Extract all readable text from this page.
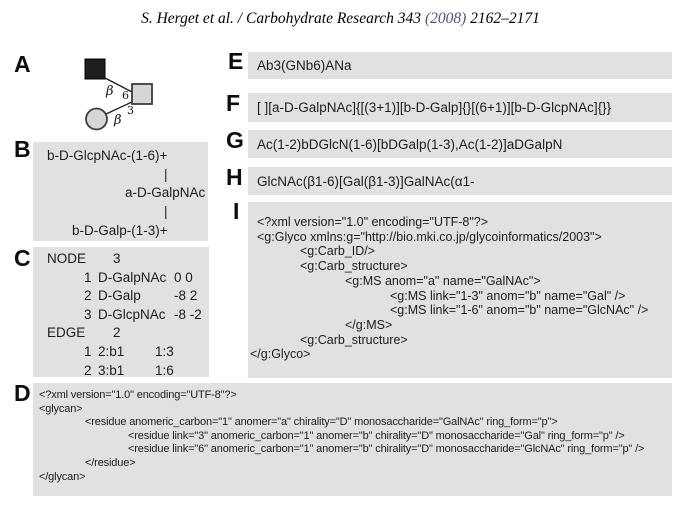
S. Herget et al. / Carbohydrate Research 343 (2008) 2162–2171
A
B
C
D
E
F
G
H
I
β 6
3
β
b-D-GlcpNAc-(1-6)+
|
a-D-GalpNAc
|
b-D-Galp-(1-3)+
NODE 3
1 D-GalpNAc 0 0
2 D-Galp -8 2
3 D-GlcpNAc -8 -2
EDGE 2
1 2:b1 1:3
2 3:b1 1:6
<?xml version="1.0" encoding="UTF-8"?>
<glycan>
<residue anomeric_carbon="1" anomer="a" chirality="D" monosaccharide="GalNAc" ring_form="p">
<residue link="3" anomeric_carbon="1" anomer="b" chirality="D" monosaccharide="Gal" ring_form="p" />
<residue link="6" anomeric_carbon="1" anomer="b" chirality="D" monosaccharide="GlcNAc" ring_form="p" />
</residue>
</glycan>
Ab3(GNb6)ANa
[ ][a-D-GalpNAc]{[(3+1)][b-D-Galp]{}[(6+1)][b-D-GlcpNAc]{}}
Ac(1-2)bDGlcN(1-6)[bDGalp(1-3),Ac(1-2)]aDGalpN
GlcNAc(β1-6)[Gal(β1-3)]GalNAc(α1-
<?xml version="1.0" encoding="UTF-8"?>
<g:Glyco xmlns:g="http://bio.mki.co.jp/glycoinformatics/2003">
<g:Carb_ID/>
<g:Carb_structure>
<g:MS anom="a" name="GalNAc">
<g:MS link="1-3" anom="b" name="Gal" />
<g:MS link="1-6" anom="b" name="GlcNAc" />
</g:MS>
<g:Carb_structure>
</g:Glyco>
